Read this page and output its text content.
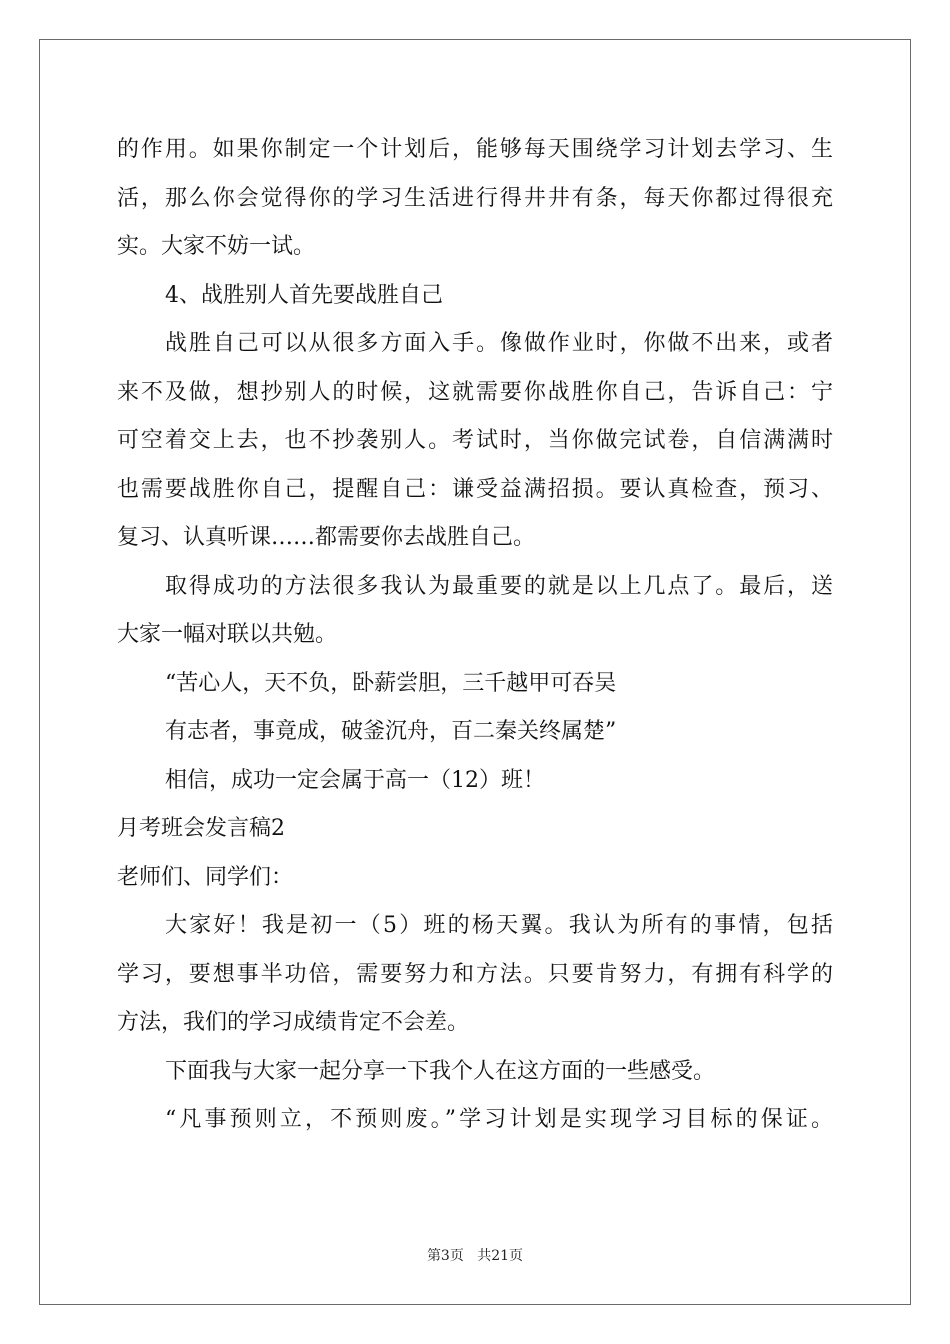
的作用。如果你制定一个计划后，能够每天围绕学习计划去学习、生
活，那么你会觉得你的学习生活进行得井井有条，每天你都过得很充
实。大家不妨一试。
4、战胜别人首先要战胜自己
战胜自己可以从很多方面入手。像做作业时，你做不出来，或者
来不及做，想抄别人的时候，这就需要你战胜你自己，告诉自己：宁
可空着交上去，也不抄袭别人。考试时，当你做完试卷，自信满满时
也需要战胜你自己，提醒自己：谦受益满招损。要认真检查，预习、
复习、认真听课……都需要你去战胜自己。
取得成功的方法很多我认为最重要的就是以上几点了。最后，送
大家一幅对联以共勉。
“苦心人，天不负，卧薪尝胆，三千越甲可吞吴
有志者，事竟成，破釜沉舟，百二秦关终属楚”
相信，成功一定会属于高一（12）班！
月考班会发言稿2
老师们、同学们：
大家好！我是初一（5）班的杨天翼。我认为所有的事情，包括
学习，要想事半功倍，需要努力和方法。只要肯努力，有拥有科学的
方法，我们的学习成绩肯定不会差。
下面我与大家一起分享一下我个人在这方面的一些感受。
“凡事预则立，不预则废。”学习计划是实现学习目标的保证。
第3页 共21页
